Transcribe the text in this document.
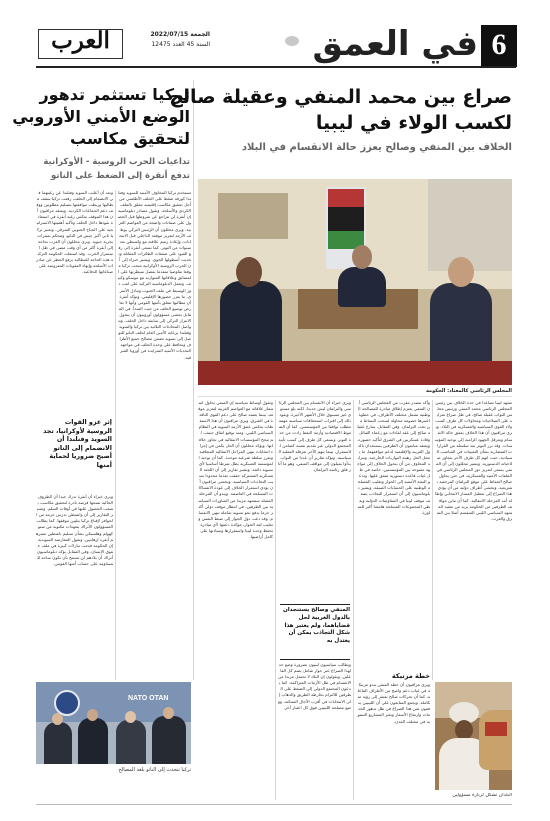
6
في العمق
العرب	الجمعة 2022/07/15
السنة 45 العدد 12475
تركيا تستثمر تدهور
الوضع الأمني الأوروبي
لتحقيق مكاسب
تداعيات الحرب الروسية - الأوكرانية
تدفع أنقرة إلى الضغط على الناتو
تستخدم تركيا المخاوف الأمنية للسويد وفنلندا كورقة ضغط على الحلف الأطلسي من أجل تحقيق مكاسب إقليمية تتعلق بالملف الكردي والأسلحة. وتقول مصادر دبلوماسية إن أنقرة لن تتراجع عن شروطها قبل الحصول على ضمانات واضحة من العواصم الغربية. ويرى محللون أن الرئيس التركي يوظف الأزمة لتعزيز موقعه الداخلي قبل الانتخابات، وإعادة رسم علاقته مع واشنطن بعد سنوات من التوتر. كما تسعى أنقرة إلى رفع القيود على صفقات الطائرات المقاتلة وتحديث أسطولها الجوي. ويشير خبراء إلى أن الحرب الروسية الأوكرانية منحت تركيا موقعا تفاوضيا متقدما بفضل سيطرتها على المضائق وعلاقاتها المتوازنة مع موسكو وكييف. وتعمل الدبلوماسية التركية على لعب دور الوسيط في ملف الحبوب وتبادل الأسرى، ما يعزز حضورها الإقليمي. وتؤكد أنقرة أن مطالبها تتعلق بأمنها القومي وأنها لا تعارض توسيع الحلف من حيث المبدأ. في المقابل يخشى مسؤولون أوروبيون أن يتحول الابتزاز التركي إلى سابقة داخل الحلف. وتتواصل المحادثات الثلاثية بين تركيا والسويد وفنلندا برعاية الأمين العام لحلف الناتو للتوصل إلى تسوية تضمن مصالح جميع الأطراف وتحافظ على وحدة الحلف في مواجهة التحديات الأمنية المتزايدة في أوروبا الشرقية.
وبعد أن أعلنت السويد وفنلندا عن رغبتهما في الانضمام إلى الحلف، رفعت تركيا سقف مطالبها وربطت موافقتها بتسليم مطلوبين ووقف دعم الجماعات الكردية. ويعتقد مراقبون أن هذا الموقف يعكس رغبة أنقرة في استعادة نفوذها داخل الحلف وتأكيد أهميتها الاستراتيجية على الجناح الجنوبي الشرقي. وتعتبر تركيا ثاني أكبر جيش في الناتو، وتتحكم بممرات بحرية حيوية. ويرى محللون أن الغرب بحاجة إلى أنقرة أكثر من أي وقت مضى في ظل استمرار الحرب. وقد استغلت الحكومة التركية هذه الحاجة للمطالبة برفع الحظر عن صادرات الأسلحة وإنهاء العقوبات المفروضة على صناعاتها الدفاعية.
إثر غزو القوات الروسية لأوكرانيا، تجد السويد وفنلندا أن الانضمام إلى الناتو أصبح ضروريا لحماية أمنها
ويرى خبراء أن أنقرة تدرك جيدا أن الظروف الحالية تمنحها فرصة نادرة لتحقيق مكاسب يصعب الحصول عليها في أوقات السلم. وتشير التقارير إلى أن واشنطن تدرس حزمة من الحوافز لإقناع تركيا بتليين موقفها. كما يطالب المسؤولون الأتراك بتعهدات مكتوبة من ستوكهولم وهلسنكي بشأن تسليم ناشطين تعتبرهم أنقرة إرهابيين. وتقول المعارضة السويدية إن الحكومة قدمت تنازلات كبيرة في ملف حقوق الإنسان. وفي المقابل يؤكد دبلوماسيون أتراك أن بلادهم لن تسمح بأن تكون ساحة للمساومة على حساب أمنها القومي.
NATO OTAN
تركيا تتحدث إلى الناتو بلغة المصالح
صراع بين محمد المنفي وعقيلة صالح
لكسب الولاء في ليبيا
الخلاف بين المنفي وصالح يعزز حالة الانقسام في البلاد
المجلس الرئاسي كالمعتاد: الحكومة
تشهد ليبيا تصاعدا في حدة الخلاف بين رئيس المجلس الرئاسي محمد المنفي ورئيس مجلس النواب عقيلة صالح، في ظل صراع متزايد على الصلاحيات ومحاولات كل طرف كسب ولاء القوى السياسية والعسكرية في البلاد. ويرى مراقبون أن هذا الخلاف يعمق حالة الانقسام ويعرقل الجهود الرامية إلى توحيد المؤسسات. وقد برز التوتر بعد سلسلة من القرارات المتضاربة بشأن التعيينات في المناصب السيادية، حيث اتهم كل طرف الآخر بتجاوز صلاحياته الدستورية. ويشير محللون إلى أن المنفي يسعى لتعزيز دور المجلس الرئاسي في الملفات الأمنية والعسكرية، في حين يحاول صالح الحفاظ على موقع البرلمان كمرجعية تشريعية. وتخشى أطراف دولية من أن يؤدي هذا الصراع إلى تعطيل المسار الانتخابي وإطالة أمد المرحلة الانتقالية. كما أن تباين مواقف الطرفين من الحكومة يزيد من تعقيد المشهد السياسي الليبي المنقسم أصلا بين الشرق والغرب.
وأكد مصدر مقرب من المجلس الرئاسي أن المنفي يعتزم إطلاق مبادرة للمصالحة الوطنية تشمل مختلف الأطراف، في خطوة اعتبرها خصومه محاولة لسحب البساط من تحت البرلمان. وفي المقابل، سارع عقيلة صالح إلى عقد لقاءات مع زعماء القبائل وقادة عسكريين في الشرق لتأكيد حضوره. ويعتقد متابعون أن الطرفين يستنجدان بالدول الغربية والإقليمية لدعم مواقفهما، ما يجعل الحل رهينة التوازنات الخارجية. وتتزايد المخاوف من أن يتحول الخلاف إلى مواجهة مفتوحة بين المؤسستين، خاصة في ظل غياب قاعدة دستورية متفق عليها. وتدعو البعثة الأممية إلى الحوار وتغليب المصلحة الوطنية على الحسابات الضيقة. ويشير دبلوماسيون إلى أن استمرار التجاذب يضعف موقف ليبيا في المفاوضات الدولية ويعطي المجموعات المسلحة هامشا أكبر للمناورة.
ويرى خبراء أن الانقسام بين المجلس الرئاسي والبرلمان ليس جديدا، لكنه بلغ مستوى غير مسبوق خلال الأشهر الأخيرة. ويعود ذلك إلى اقتراب استحقاقات سياسية مهمة تتطلب توافقا بين المؤسستين. كما أن الضغوط الاقتصادية وأزمة النفط زادت من حدة التوتر. ويسعى كل طرف إلى كسب تأييد المجتمع الدولي عبر تقديم نفسه كضامن للاستقرار، بينما يتهم الآخر بعرقلة العملية السياسية. وتؤكد تقارير أن عددا من النواب بدأوا يميلون إلى مواقف المنفي، وهو ما أثار قلق رئاسة البرلمان.
المنفي وصالح يستنجدان بالدول الغربية لحل قضاياهما، ولم يعتبر هذا شكل التجاذب يمكن أن يعتدل به
ويطالب سياسيون ليبيون بضرورة وضع حد لهذا الصراع عبر حوار شامل يضم كل الفاعلين. ويقولون إن البلاد لا تحتمل مزيدا من الانقسام في ظل الأزمات المتراكمة. كما يدعون المجتمع الدولي إلى الضغط على الطرفين للالتزام بخارطة الطريق والذهاب إلى الانتخابات في أقرب الآجال الممكنة، ووضع مصلحة الليبيين فوق كل اعتبار آخر.
وتقول أوساط سياسية إن المنفي يحاول استثمار علاقاته مع العواصم الغربية لتعزيز موقعه، بينما يعتمد صالح على دعم القوى النافذة في الشرق. ويرى مراقبون أن هذا الاستقطاب يعكس عمق الأزمة البنيوية في النظام السياسي الليبي. ومنذ توقيع اتفاق جنيف، لم تنجح المؤسسات الانتقالية في تجاوز خلافاتها. ويؤكد محللون أن الحل يكمن في إجراء انتخابات تنهي المراحل الانتقالية المتعاقبة وتفرز سلطة شرعية موحدة. كما أن توحيد المؤسسة العسكرية يظل شرطا أساسيا لأي تسوية دائمة. وتشير تقارير إلى أن اللجنة العسكرية المشتركة حققت تقدما محدودا بسبب التجاذبات السياسية. ويخشى مراقبون أن يؤدي استمرار الخلاف إلى عودة الاشتباكات المسلحة في العاصمة. ويبدو أن المرحلة المقبلة ستشهد مزيدا من المناورات السياسية بين الطرفين، في انتظار موقف دولي أكثر حزما يدفع نحو تسوية شاملة تنهي الانقسام. وقد دعت دول الجوار إلى ضبط النفس وتغليب لغة الحوار، مؤكدة دعمها لأي مبادرة تحفظ وحدة ليبيا واستقرارها وسيادتها على كامل أراضيها.
خطة مرتبكة
ويرى مراقبون أن خطة المنفي تبدو مرتبكة في غياب دعم واضح من الأطراف الفاعلة، كما أن تحركات صالح تفتقر إلى رؤية متكاملة. ويجمع المتابعون على أن الليبيين يدفعون ثمن هذا الصراع في ظل تدهور الخدمات وارتفاع الأسعار وتعثر المشاريع التنموية في مختلف المدن.
البلدان تشكل لزيارة مسؤولين
